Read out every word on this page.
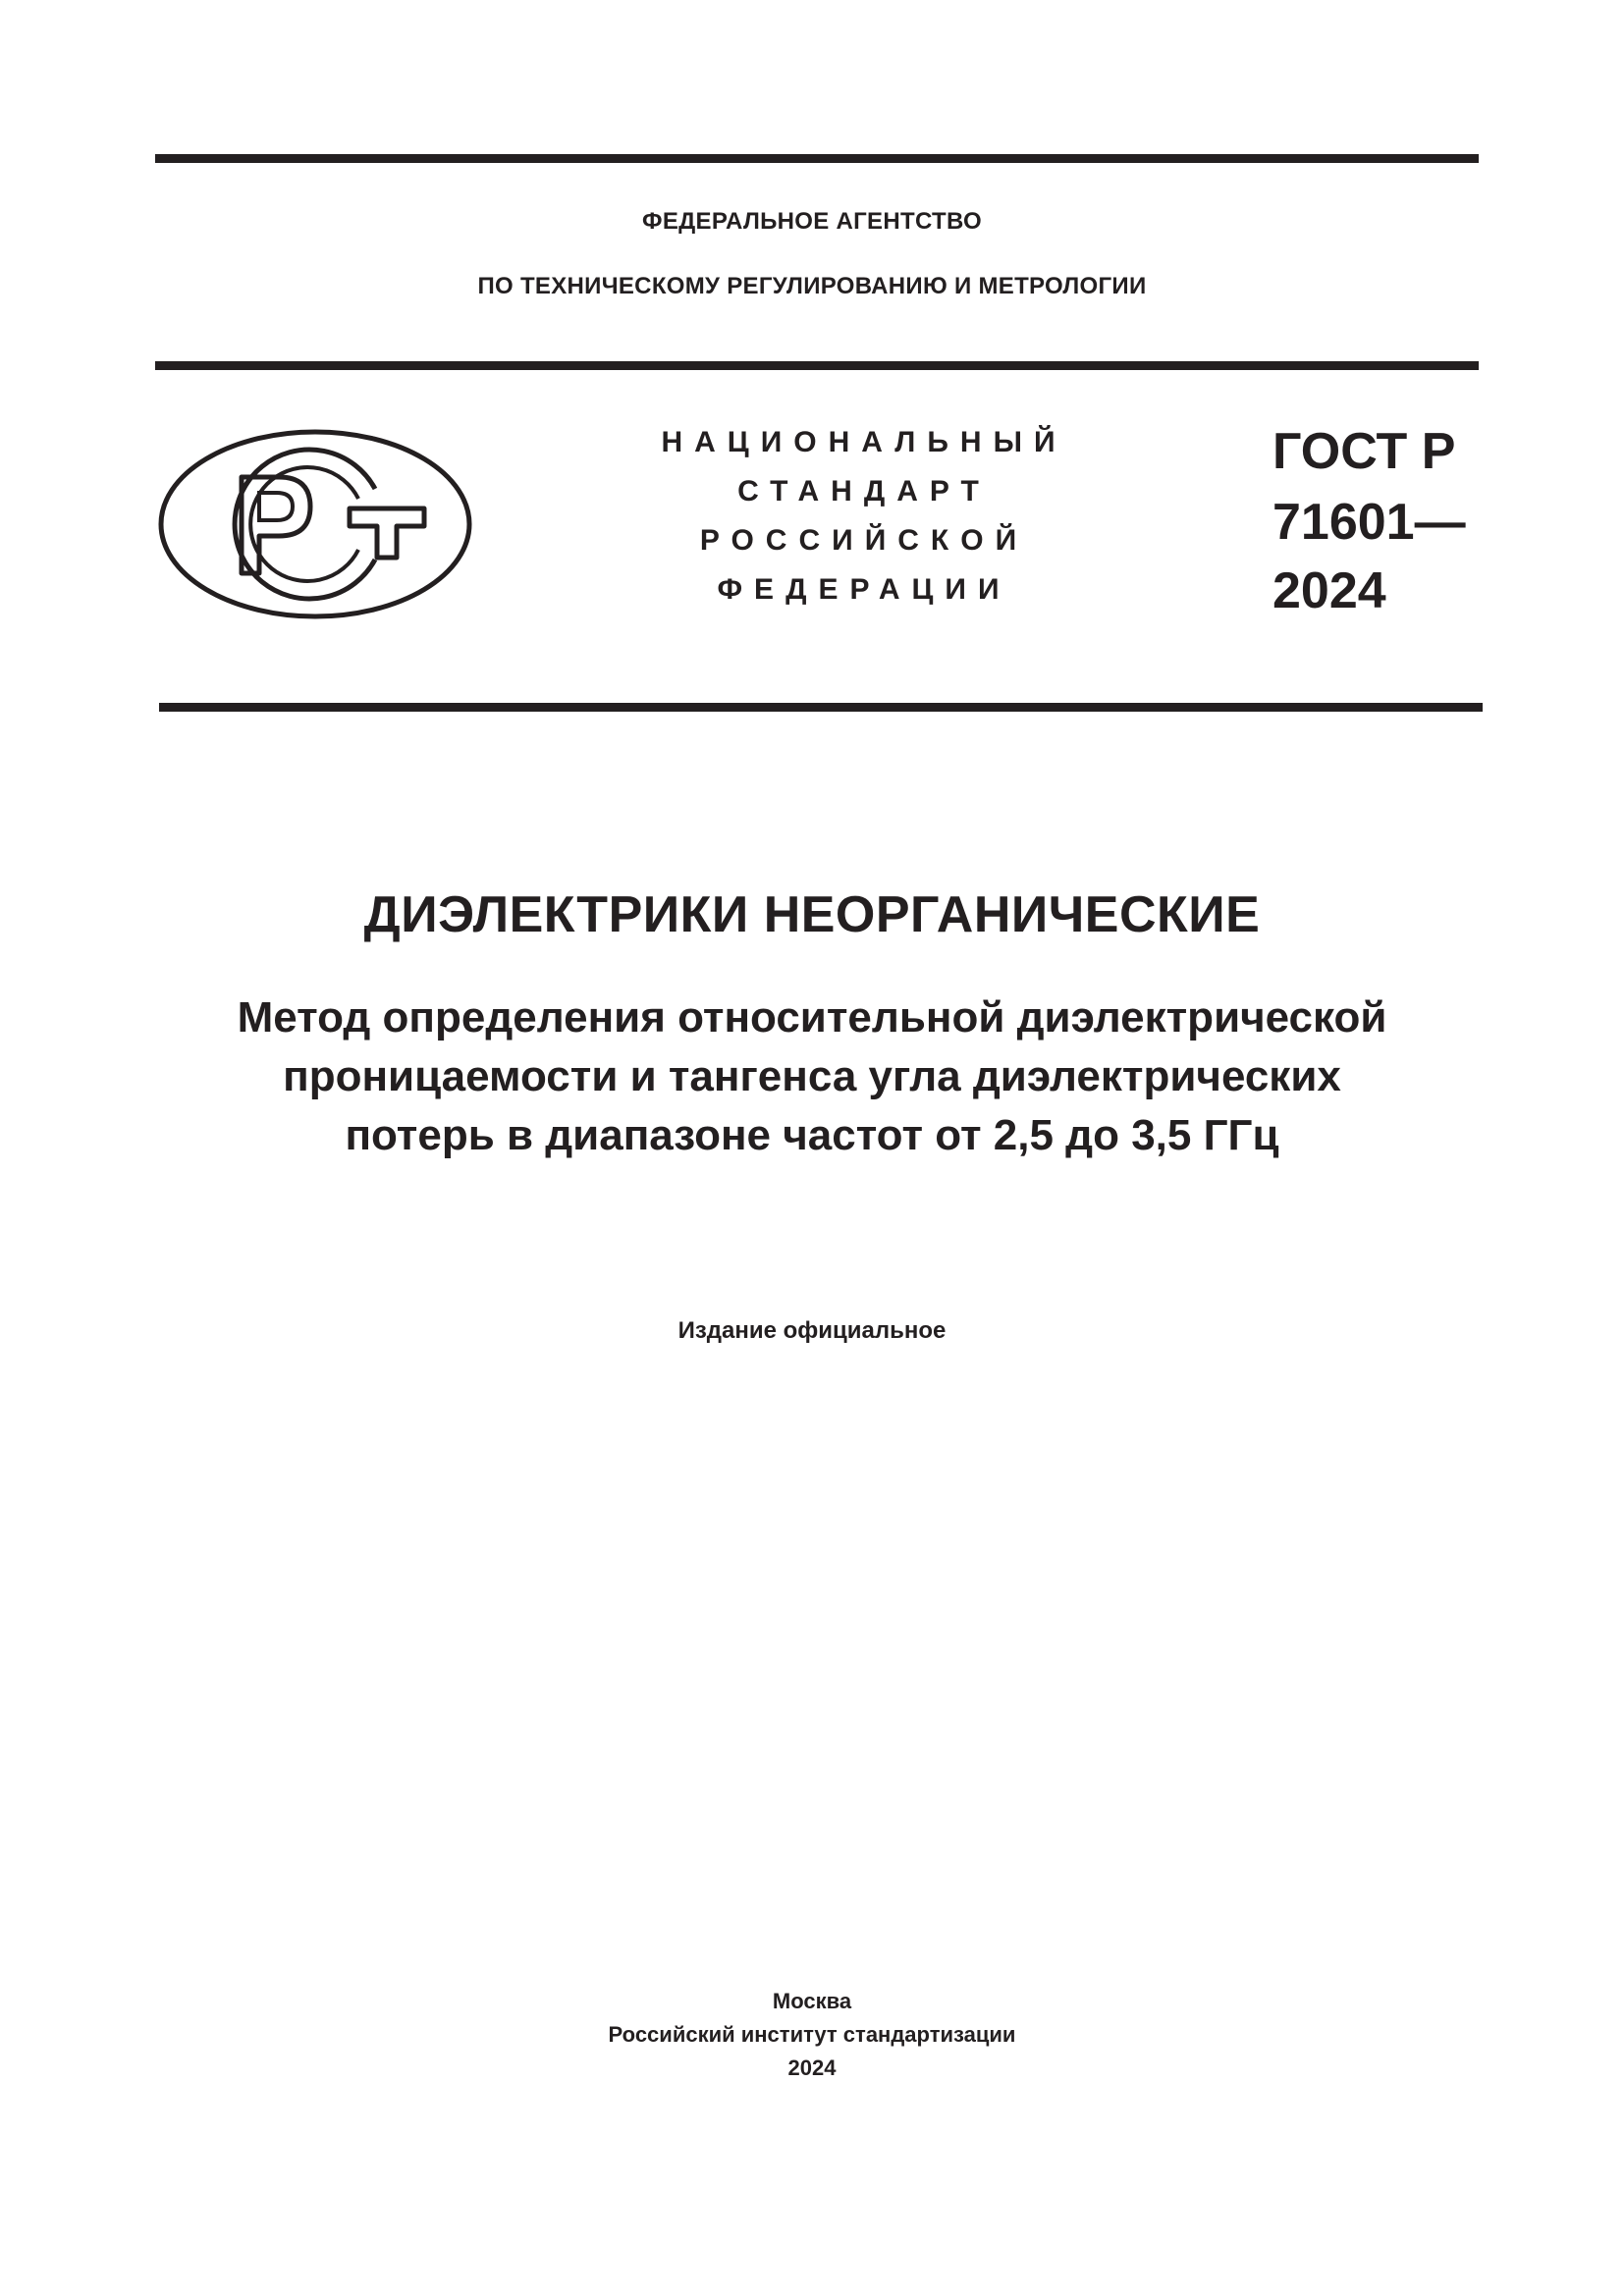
ФЕДЕРАЛЬНОЕ АГЕНТСТВО
ПО ТЕХНИЧЕСКОМУ РЕГУЛИРОВАНИЮ И МЕТРОЛОГИИ
НАЦИОНАЛЬНЫЙ
СТАНДАРТ
РОССИЙСКОЙ
ФЕДЕРАЦИИ
ГОСТ Р
71601—
2024
ДИЭЛЕКТРИКИ НЕОРГАНИЧЕСКИЕ
Метод определения относительной диэлектрической
проницаемости и тангенса угла диэлектрических
потерь в диапазоне частот от 2,5 до 3,5 ГГц
Издание официальное
Москва
Российский институт стандартизации
2024
